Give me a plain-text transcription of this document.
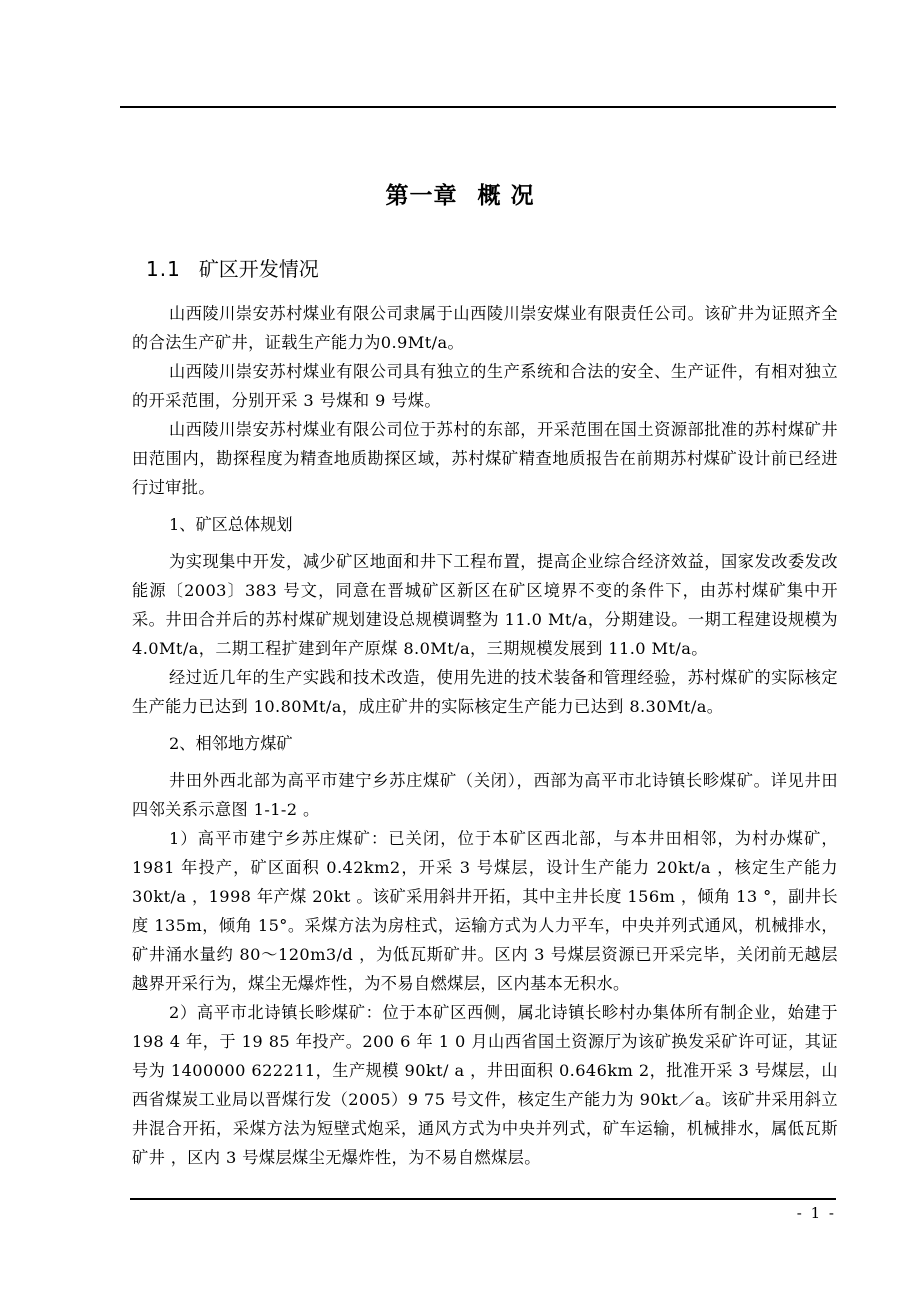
第一章 概 况
1.1 矿区开发情况

山西陵川崇安苏村煤业有限公司隶属于山西陵川崇安煤业有限责任公司。该矿井为证照齐全的合法生产矿井，证载生产能力为0.9Mt/a。

山西陵川崇安苏村煤业有限公司具有独立的生产系统和合法的安全、生产证件，有相对独立的开采范围，分别开采 3 号煤和 9 号煤。

山西陵川崇安苏村煤业有限公司位于苏村的东部，开采范围在国土资源部批准的苏村煤矿井田范围内，勘探程度为精查地质勘探区域，苏村煤矿精查地质报告在前期苏村煤矿设计前已经进行过审批。

1、矿区总体规划

为实现集中开发，减少矿区地面和井下工程布置，提高企业综合经济效益，国家发改委发改能源〔2003〕383 号文，同意在晋城矿区新区在矿区境界不变的条件下，由苏村煤矿集中开采。井田合并后的苏村煤矿规划建设总规模调整为 11.0 Mt/a，分期建设。一期工程建设规模为 4.0Mt/a，二期工程扩建到年产原煤 8.0Mt/a，三期规模发展到 11.0 Mt/a。

经过近几年的生产实践和技术改造，使用先进的技术装备和管理经验，苏村煤矿的实际核定生产能力已达到 10.80Mt/a，成庄矿井的实际核定生产能力已达到 8.30Mt/a。

2、相邻地方煤矿

井田外西北部为高平市建宁乡苏庄煤矿（关闭），西部为高平市北诗镇长畛煤矿。详见井田四邻关系示意图 1-1-2 。

1）高平市建宁乡苏庄煤矿：已关闭，位于本矿区西北部，与本井田相邻，为村办煤矿，1981 年投产，矿区面积 0.42km2，开采 3 号煤层，设计生产能力 20kt/a ，核定生产能力 30kt/a ，1998 年产煤 20kt 。该矿采用斜井开拓，其中主井长度 156m ，倾角 13 °，副井长度 135m，倾角 15°。采煤方法为房柱式，运输方式为人力平车，中央并列式通风，机械排水，矿井涌水量约 80～120m3/d ，为低瓦斯矿井。区内 3 号煤层资源已开采完毕，关闭前无越层越界开采行为，煤尘无爆炸性，为不易自燃煤层，区内基本无积水。

2）高平市北诗镇长畛煤矿：位于本矿区西侧，属北诗镇长畛村办集体所有制企业，始建于 198 4 年，于 19 85 年投产。200 6 年 1 0 月山西省国土资源厅为该矿换发采矿许可证，其证号为 1400000 622211，生产规模 90kt/ a ，井田面积 0.646km 2，批准开采 3 号煤层，山西省煤炭工业局以晋煤行发（2005）9 75 号文件，核定生产能力为 90kt／a。该矿井采用斜立井混合开拓，采煤方法为短壁式炮采，通风方式为中央并列式，矿车运输，机械排水，属低瓦斯矿井 ，区内 3 号煤层煤尘无爆炸性，为不易自燃煤层。

- 1 -
